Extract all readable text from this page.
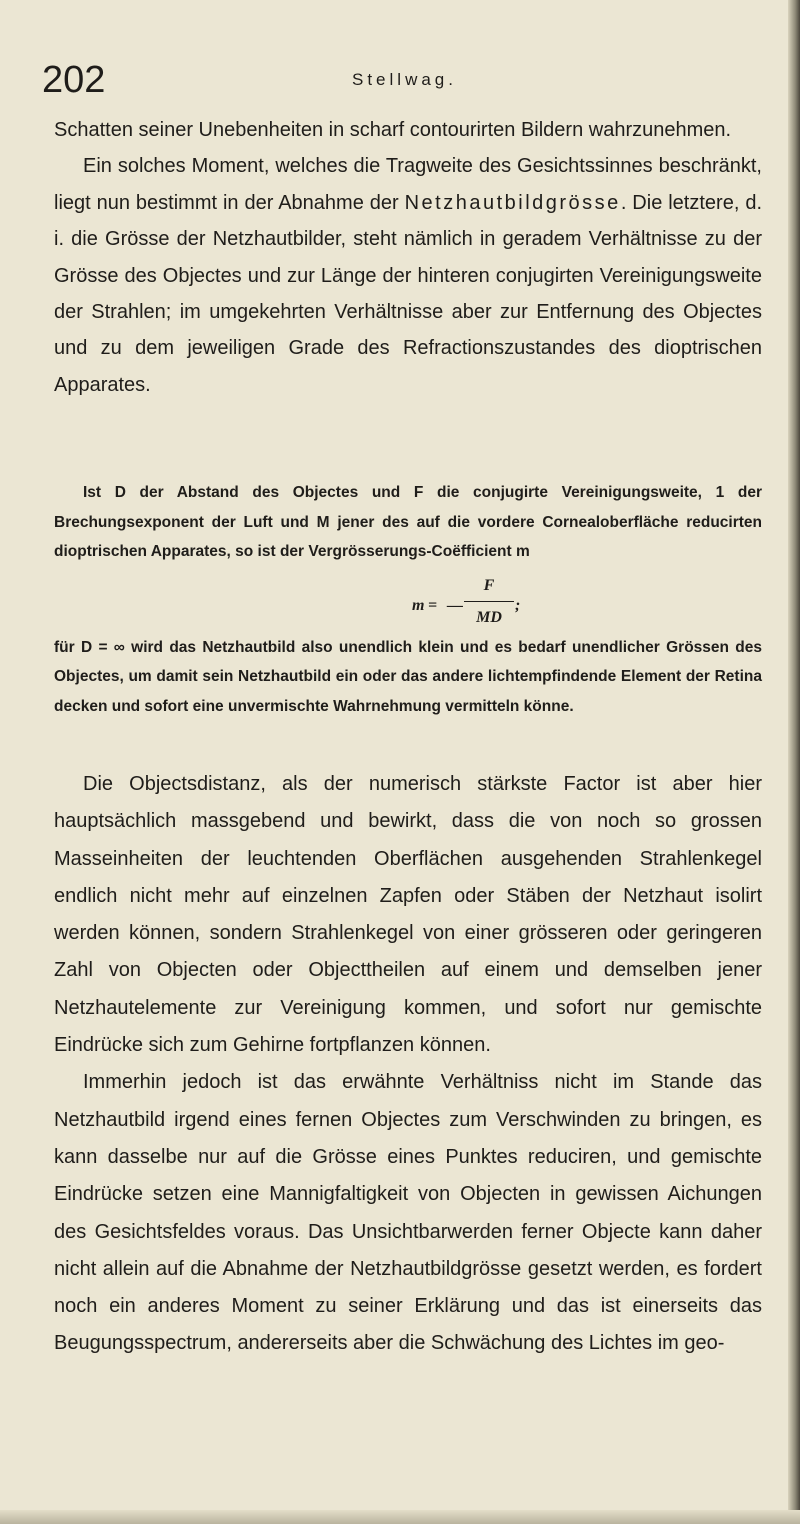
202	Stellwag.

Schatten seiner Unebenheiten in scharf contourirten Bildern wahrzunehmen.

Ein solches Moment, welches die Tragweite des Gesichtssinnes beschränkt, liegt nun bestimmt in der Abnahme der Netzhautbildgrösse. Die letztere, d. i. die Grösse der Netzhautbilder, steht nämlich in geradem Verhältnisse zu der Grösse des Objectes und zur Länge der hinteren conjugirten Vereinigungsweite der Strahlen; im umgekehrten Verhältnisse aber zur Entfernung des Objectes und zu dem jeweiligen Grade des Refractionszustandes des dioptrischen Apparates.

Ist D der Abstand des Objectes und F die conjugirte Vereinigungsweite, 1 der Brechungsexponent der Luft und M jener des auf die vordere Cornealoberfläche reducirten dioptrischen Apparates, so ist der Vergrösserungs-Coëfficient m

m = —
F
MD
;

für D = ∞ wird das Netzhautbild also unendlich klein und es bedarf unendlicher Grössen des Objectes, um damit sein Netzhautbild ein oder das andere lichtempfindende Element der Retina decken und sofort eine unvermischte Wahrnehmung vermitteln könne.

Die Objectsdistanz, als der numerisch stärkste Factor ist aber hier hauptsächlich massgebend und bewirkt, dass die von noch so grossen Masseinheiten der leuchtenden Oberflächen ausgehenden Strahlenkegel endlich nicht mehr auf einzelnen Zapfen oder Stäben der Netzhaut isolirt werden können, sondern Strahlenkegel von einer grösseren oder geringeren Zahl von Objecten oder Objecttheilen auf einem und demselben jener Netzhautelemente zur Vereinigung kommen, und sofort nur gemischte Eindrücke sich zum Gehirne fortpflanzen können.

Immerhin jedoch ist das erwähnte Verhältniss nicht im Stande das Netzhautbild irgend eines fernen Objectes zum Verschwinden zu bringen, es kann dasselbe nur auf die Grösse eines Punktes reduciren, und gemischte Eindrücke setzen eine Mannigfaltigkeit von Objecten in gewissen Aichungen des Gesichtsfeldes voraus. Das Unsichtbarwerden ferner Objecte kann daher nicht allein auf die Abnahme der Netzhautbildgrösse gesetzt werden, es fordert noch ein anderes Moment zu seiner Erklärung und das ist einerseits das Beugungsspectrum, andererseits aber die Schwächung des Lichtes im geo-
